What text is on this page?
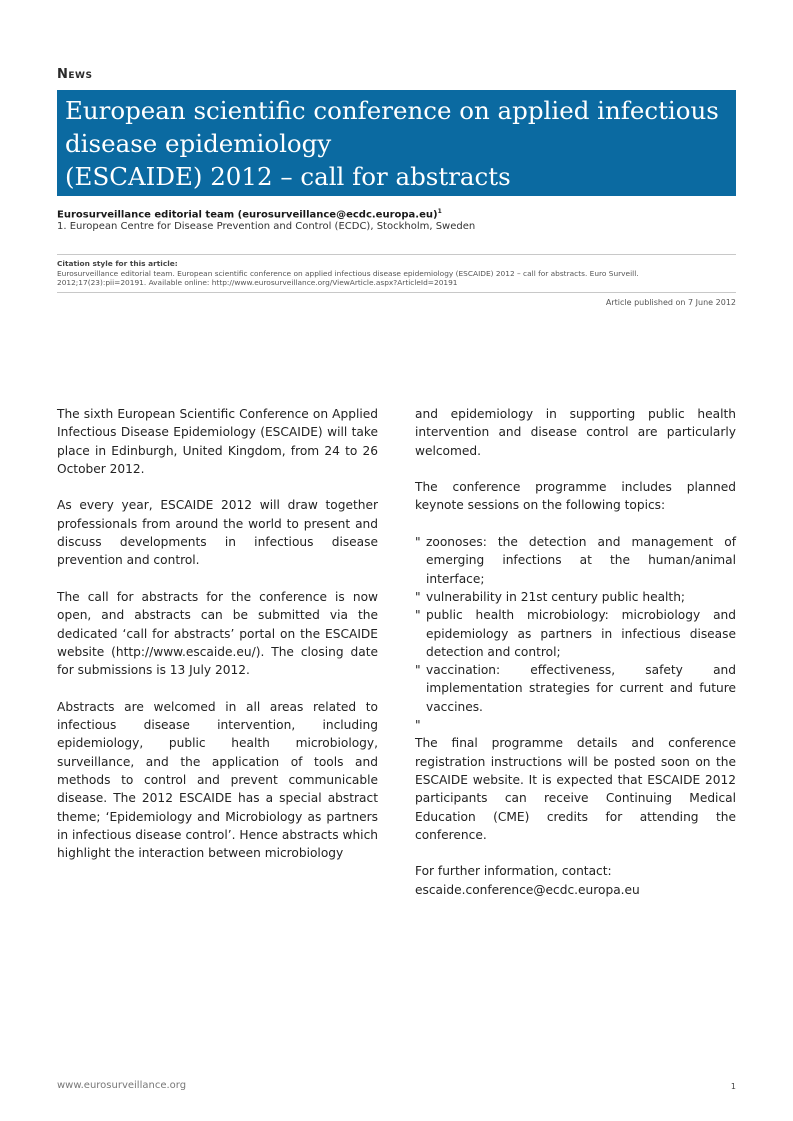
News
European scientific conference on applied infectious
disease epidemiology
(ESCAIDE) 2012 – call for abstracts
Eurosurveillance editorial team (eurosurveillance@ecdc.europa.eu)$^1$
1. European Centre for Disease Prevention and Control (ECDC), Stockholm, Sweden
Citation style for this article:
Eurosurveillance editorial team. European scientific conference on applied infectious disease epidemiology (ESCAIDE) 2012 – call for abstracts. Euro Surveill.
2012;17(23):pii=20191. Available online: http://www.eurosurveillance.org/ViewArticle.aspx?ArticleId=20191
Article published on 7 June 2012

The sixth European Scientific Conference on Applied Infectious Disease Epidemiology (ESCAIDE) will take place in Edinburgh, United Kingdom, from 24 to 26 October 2012.

As every year, ESCAIDE 2012 will draw together professionals from around the world to present and discuss developments in infectious disease prevention and control.

The call for abstracts for the conference is now open, and abstracts can be submitted via the dedicated ‘call for abstracts’ portal on the ESCAIDE website (http://www.escaide.eu/). The closing date for submissions is 13 July 2012.

Abstracts are welcomed in all areas related to infectious disease intervention, including epidemiology, public health microbiology, surveillance, and the application of tools and methods to control and prevent communicable disease. The 2012 ESCAIDE has a special abstract theme; ‘Epidemiology and Microbiology as partners in infectious disease control’. Hence abstracts which highlight the interaction between microbiology

and epidemiology in supporting public health intervention and disease control are particularly welcomed.

The conference programme includes planned keynote sessions on the following topics:

" zoonoses: the detection and management of emerging infections at the human/animal interface;
" vulnerability in 21st century public health;
" public health microbiology: microbiology and epidemiology as partners in infectious disease detection and control;
" vaccination: effectiveness, safety and implementation strategies for current and future vaccines.
"

The final programme details and conference registration instructions will be posted soon on the ESCAIDE website. It is expected that ESCAIDE 2012 participants can receive Continuing Medical Education (CME) credits for attending the conference.

For further information, contact:

escaide.conference@ecdc.europa.eu

www.eurosurveillance.org	1
